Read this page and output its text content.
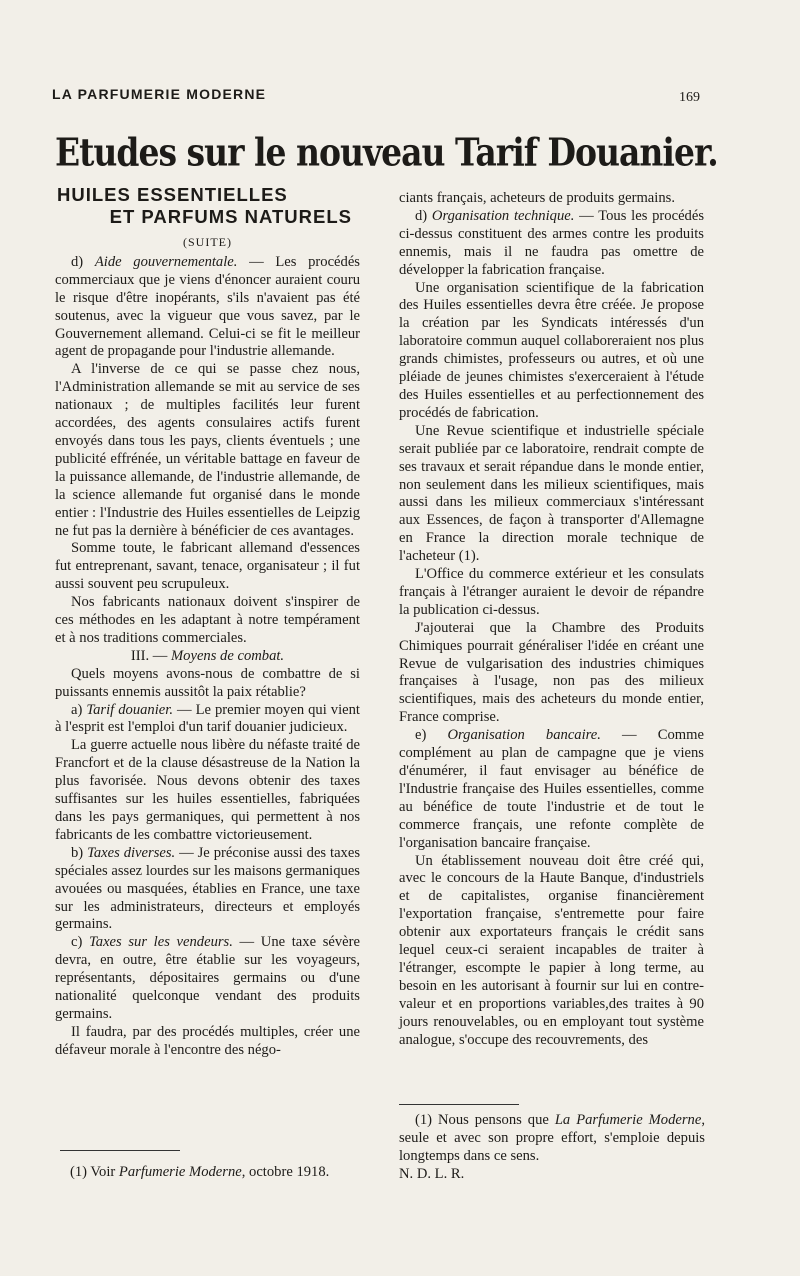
LA PARFUMERIE MODERNE	169
Etudes sur le nouveau Tarif Douanier.
HUILES ESSENTIELLES
ET PARFUMS NATURELS
(SUITE)

d) Aide gouvernementale. — Les procédés commerciaux que je viens d'énoncer auraient couru le risque d'être inopérants, s'ils n'avaient pas été soutenus, avec la vigueur que vous savez, par le Gouvernement allemand. Celui-ci se fit le meilleur agent de propagande pour l'industrie allemande.

A l'inverse de ce qui se passe chez nous, l'Administration allemande se mit au service de ses nationaux ; de multiples facilités leur furent accordées, des agents consulaires actifs furent envoyés dans tous les pays, clients éventuels ; une publicité effrénée, un véritable battage en faveur de la puissance allemande, de l'industrie allemande, de la science allemande fut organisé dans le monde entier : l'Industrie des Huiles essentielles de Leipzig ne fut pas la dernière à bénéficier de ces avantages.

Somme toute, le fabricant allemand d'essences fut entreprenant, savant, tenace, organisateur ; il fut aussi souvent peu scrupuleux.

Nos fabricants nationaux doivent s'inspirer de ces méthodes en les adaptant à notre tempérament et à nos traditions commerciales.

III. — Moyens de combat.

Quels moyens avons-nous de combattre de si puissants ennemis aussitôt la paix rétablie?

a) Tarif douanier. — Le premier moyen qui vient à l'esprit est l'emploi d'un tarif douanier judicieux.

La guerre actuelle nous libère du néfaste traité de Francfort et de la clause désastreuse de la Nation la plus favorisée. Nous devons obtenir des taxes suffisantes sur les huiles essentielles, fabriquées dans les pays germaniques, qui permettent à nos fabricants de les combattre victorieusement.

b) Taxes diverses. — Je préconise aussi des taxes spéciales assez lourdes sur les maisons germaniques avouées ou masquées, établies en France, une taxe sur les administrateurs, directeurs et employés germains.

c) Taxes sur les vendeurs. — Une taxe sévère devra, en outre, être établie sur les voyageurs, représentants, dépositaires germains ou d'une nationalité quelconque vendant des produits germains.

Il faudra, par des procédés multiples, créer une défaveur morale à l'encontre des négo-

(1) Voir Parfumerie Moderne, octobre 1918.

ciants français, acheteurs de produits germains.

d) Organisation technique. — Tous les procédés ci-dessus constituent des armes contre les produits ennemis, mais il ne faudra pas omettre de développer la fabrication française.

Une organisation scientifique de la fabrication des Huiles essentielles devra être créée. Je propose la création par les Syndicats intéressés d'un laboratoire commun auquel collaboreraient nos plus grands chimistes, professeurs ou autres, et où une pléiade de jeunes chimistes s'exerceraient à l'étude des Huiles essentielles et au perfectionnement des procédés de fabrication.

Une Revue scientifique et industrielle spéciale serait publiée par ce laboratoire, rendrait compte de ses travaux et serait répandue dans le monde entier, non seulement dans les milieux scientifiques, mais aussi dans les milieux commerciaux s'intéressant aux Essences, de façon à transporter d'Allemagne en France la direction morale technique de l'acheteur (1).

L'Office du commerce extérieur et les consulats français à l'étranger auraient le devoir de répandre la publication ci-dessus.

J'ajouterai que la Chambre des Produits Chimiques pourrait généraliser l'idée en créant une Revue de vulgarisation des industries chimiques françaises à l'usage, non pas des milieux scientifiques, mais des acheteurs du monde entier, France comprise.

e) Organisation bancaire. — Comme complément au plan de campagne que je viens d'énumérer, il faut envisager au bénéfice de l'Industrie française des Huiles essentielles, comme au bénéfice de toute l'industrie et de tout le commerce français, une refonte complète de l'organisation bancaire française.

Un établissement nouveau doit être créé qui, avec le concours de la Haute Banque, d'industriels et de capitalistes, organise financièrement l'exportation française, s'entremette pour faire obtenir aux exportateurs français le crédit sans lequel ceux-ci seraient incapables de traiter à l'étranger, escompte le papier à long terme, au besoin en les autorisant à fournir sur lui en contre-valeur et en proportions variables,des traites à 90 jours renouvelables, ou en employant tout système analogue, s'occupe des recouvrements, des

(1) Nous pensons que La Parfumerie Moderne, seule et avec son propre effort, s'emploie depuis longtemps dans ce sens.

N. D. L. R.
